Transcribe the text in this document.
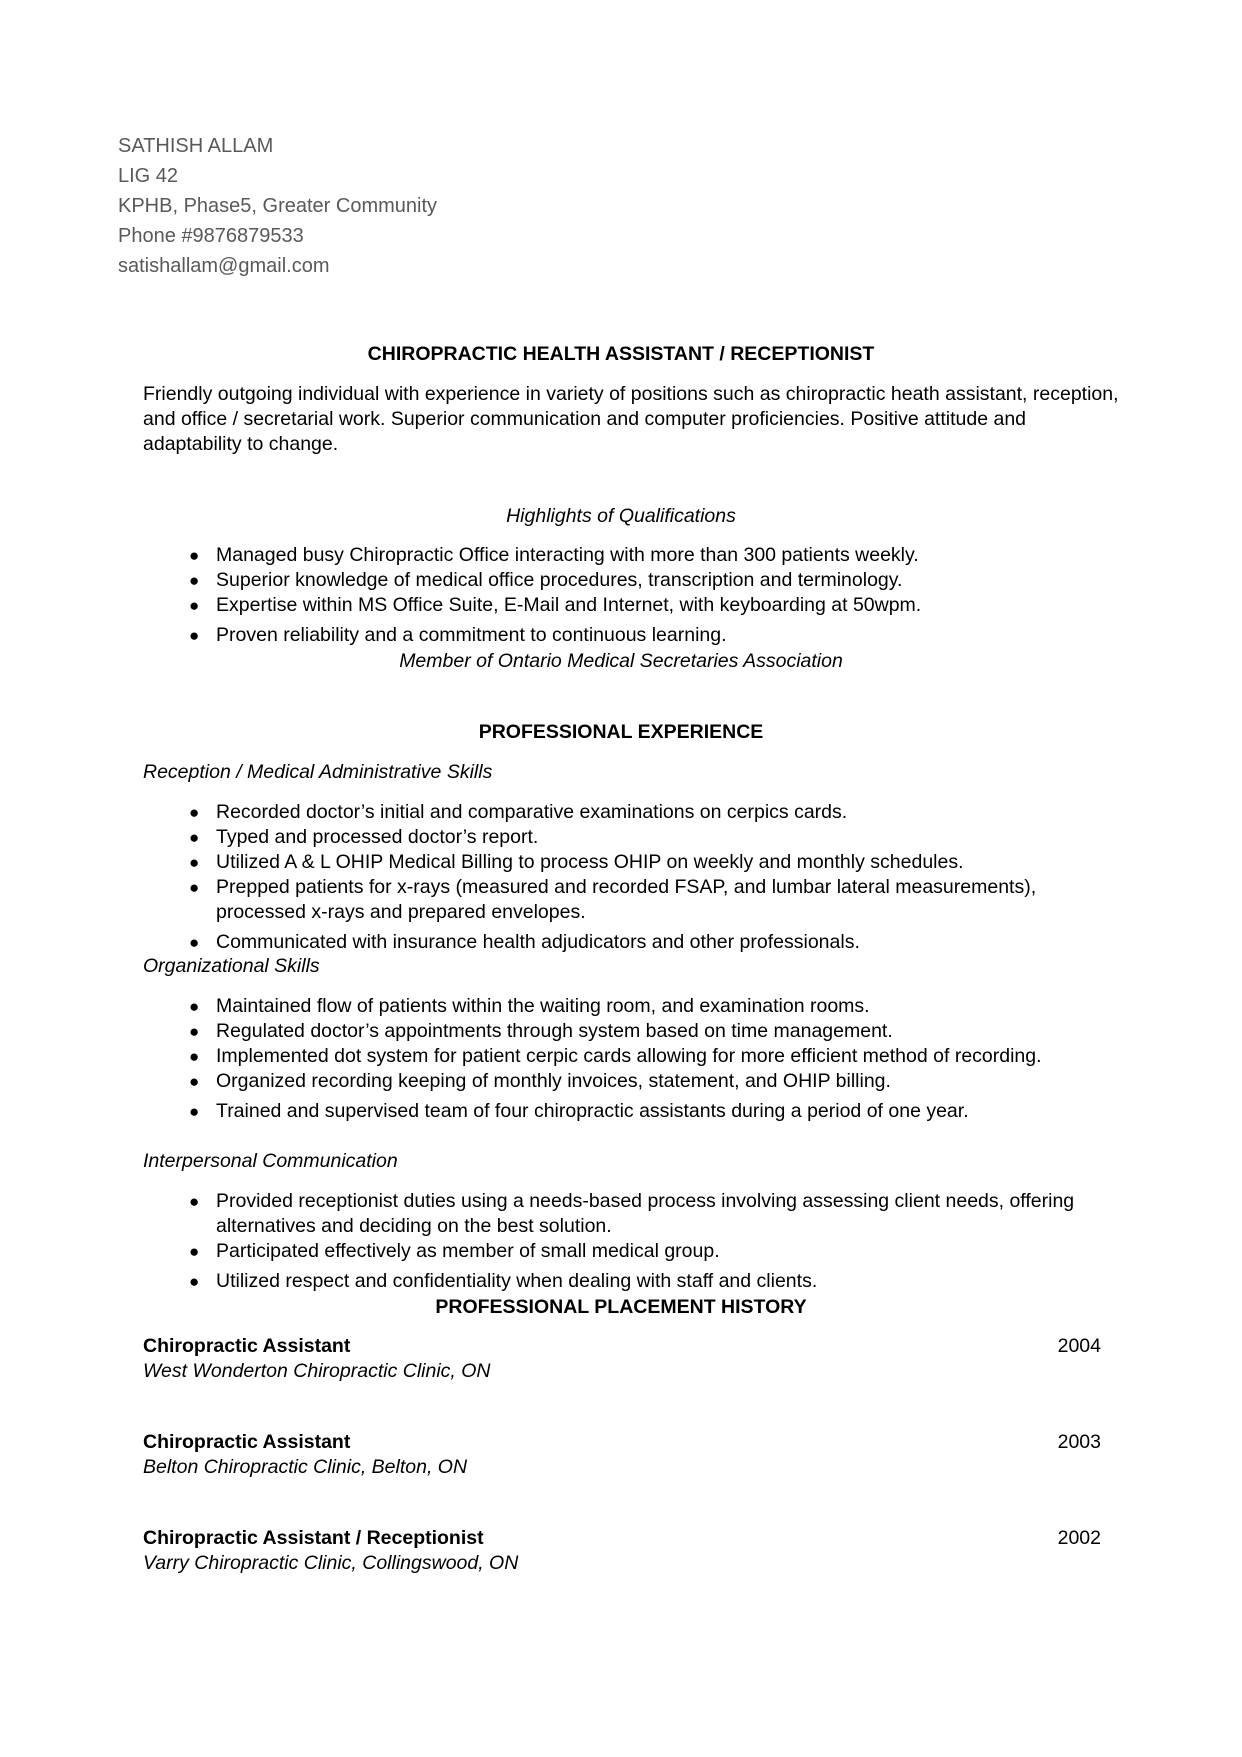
SATHISH ALLAM
LIG 42
KPHB, Phase5, Greater Community
Phone #9876879533
satishallam@gmail.com
CHIROPRACTIC HEALTH ASSISTANT / RECEPTIONIST
Friendly outgoing individual with experience in variety of positions such as chiropractic heath assistant, reception, and office / secretarial work. Superior communication and computer proficiencies. Positive attitude and adaptability to change.
Highlights of Qualifications
● Managed busy Chiropractic Office interacting with more than 300 patients weekly.
● Superior knowledge of medical office procedures, transcription and terminology.
● Expertise within MS Office Suite, E-Mail and Internet, with keyboarding at 50wpm.
● Proven reliability and a commitment to continuous learning.
Member of Ontario Medical Secretaries Association
PROFESSIONAL EXPERIENCE
Reception / Medical Administrative Skills
● Recorded doctor’s initial and comparative examinations on cerpics cards.
● Typed and processed doctor’s report.
● Utilized A & L OHIP Medical Billing to process OHIP on weekly and monthly schedules.
● Prepped patients for x-rays (measured and recorded FSAP, and lumbar lateral measurements), processed x-rays and prepared envelopes.
● Communicated with insurance health adjudicators and other professionals.
Organizational Skills
● Maintained flow of patients within the waiting room, and examination rooms.
● Regulated doctor’s appointments through system based on time management.
● Implemented dot system for patient cerpic cards allowing for more efficient method of recording.
● Organized recording keeping of monthly invoices, statement, and OHIP billing.
● Trained and supervised team of four chiropractic assistants during a period of one year.
Interpersonal Communication
● Provided receptionist duties using a needs-based process involving assessing client needs, offering alternatives and deciding on the best solution.
● Participated effectively as member of small medical group.
● Utilized respect and confidentiality when dealing with staff and clients.
PROFESSIONAL PLACEMENT HISTORY
Chiropractic Assistant	2004
West Wonderton Chiropractic Clinic, ON
Chiropractic Assistant	2003
Belton Chiropractic Clinic, Belton, ON
Chiropractic Assistant / Receptionist	2002
Varry Chiropractic Clinic, Collingswood, ON
